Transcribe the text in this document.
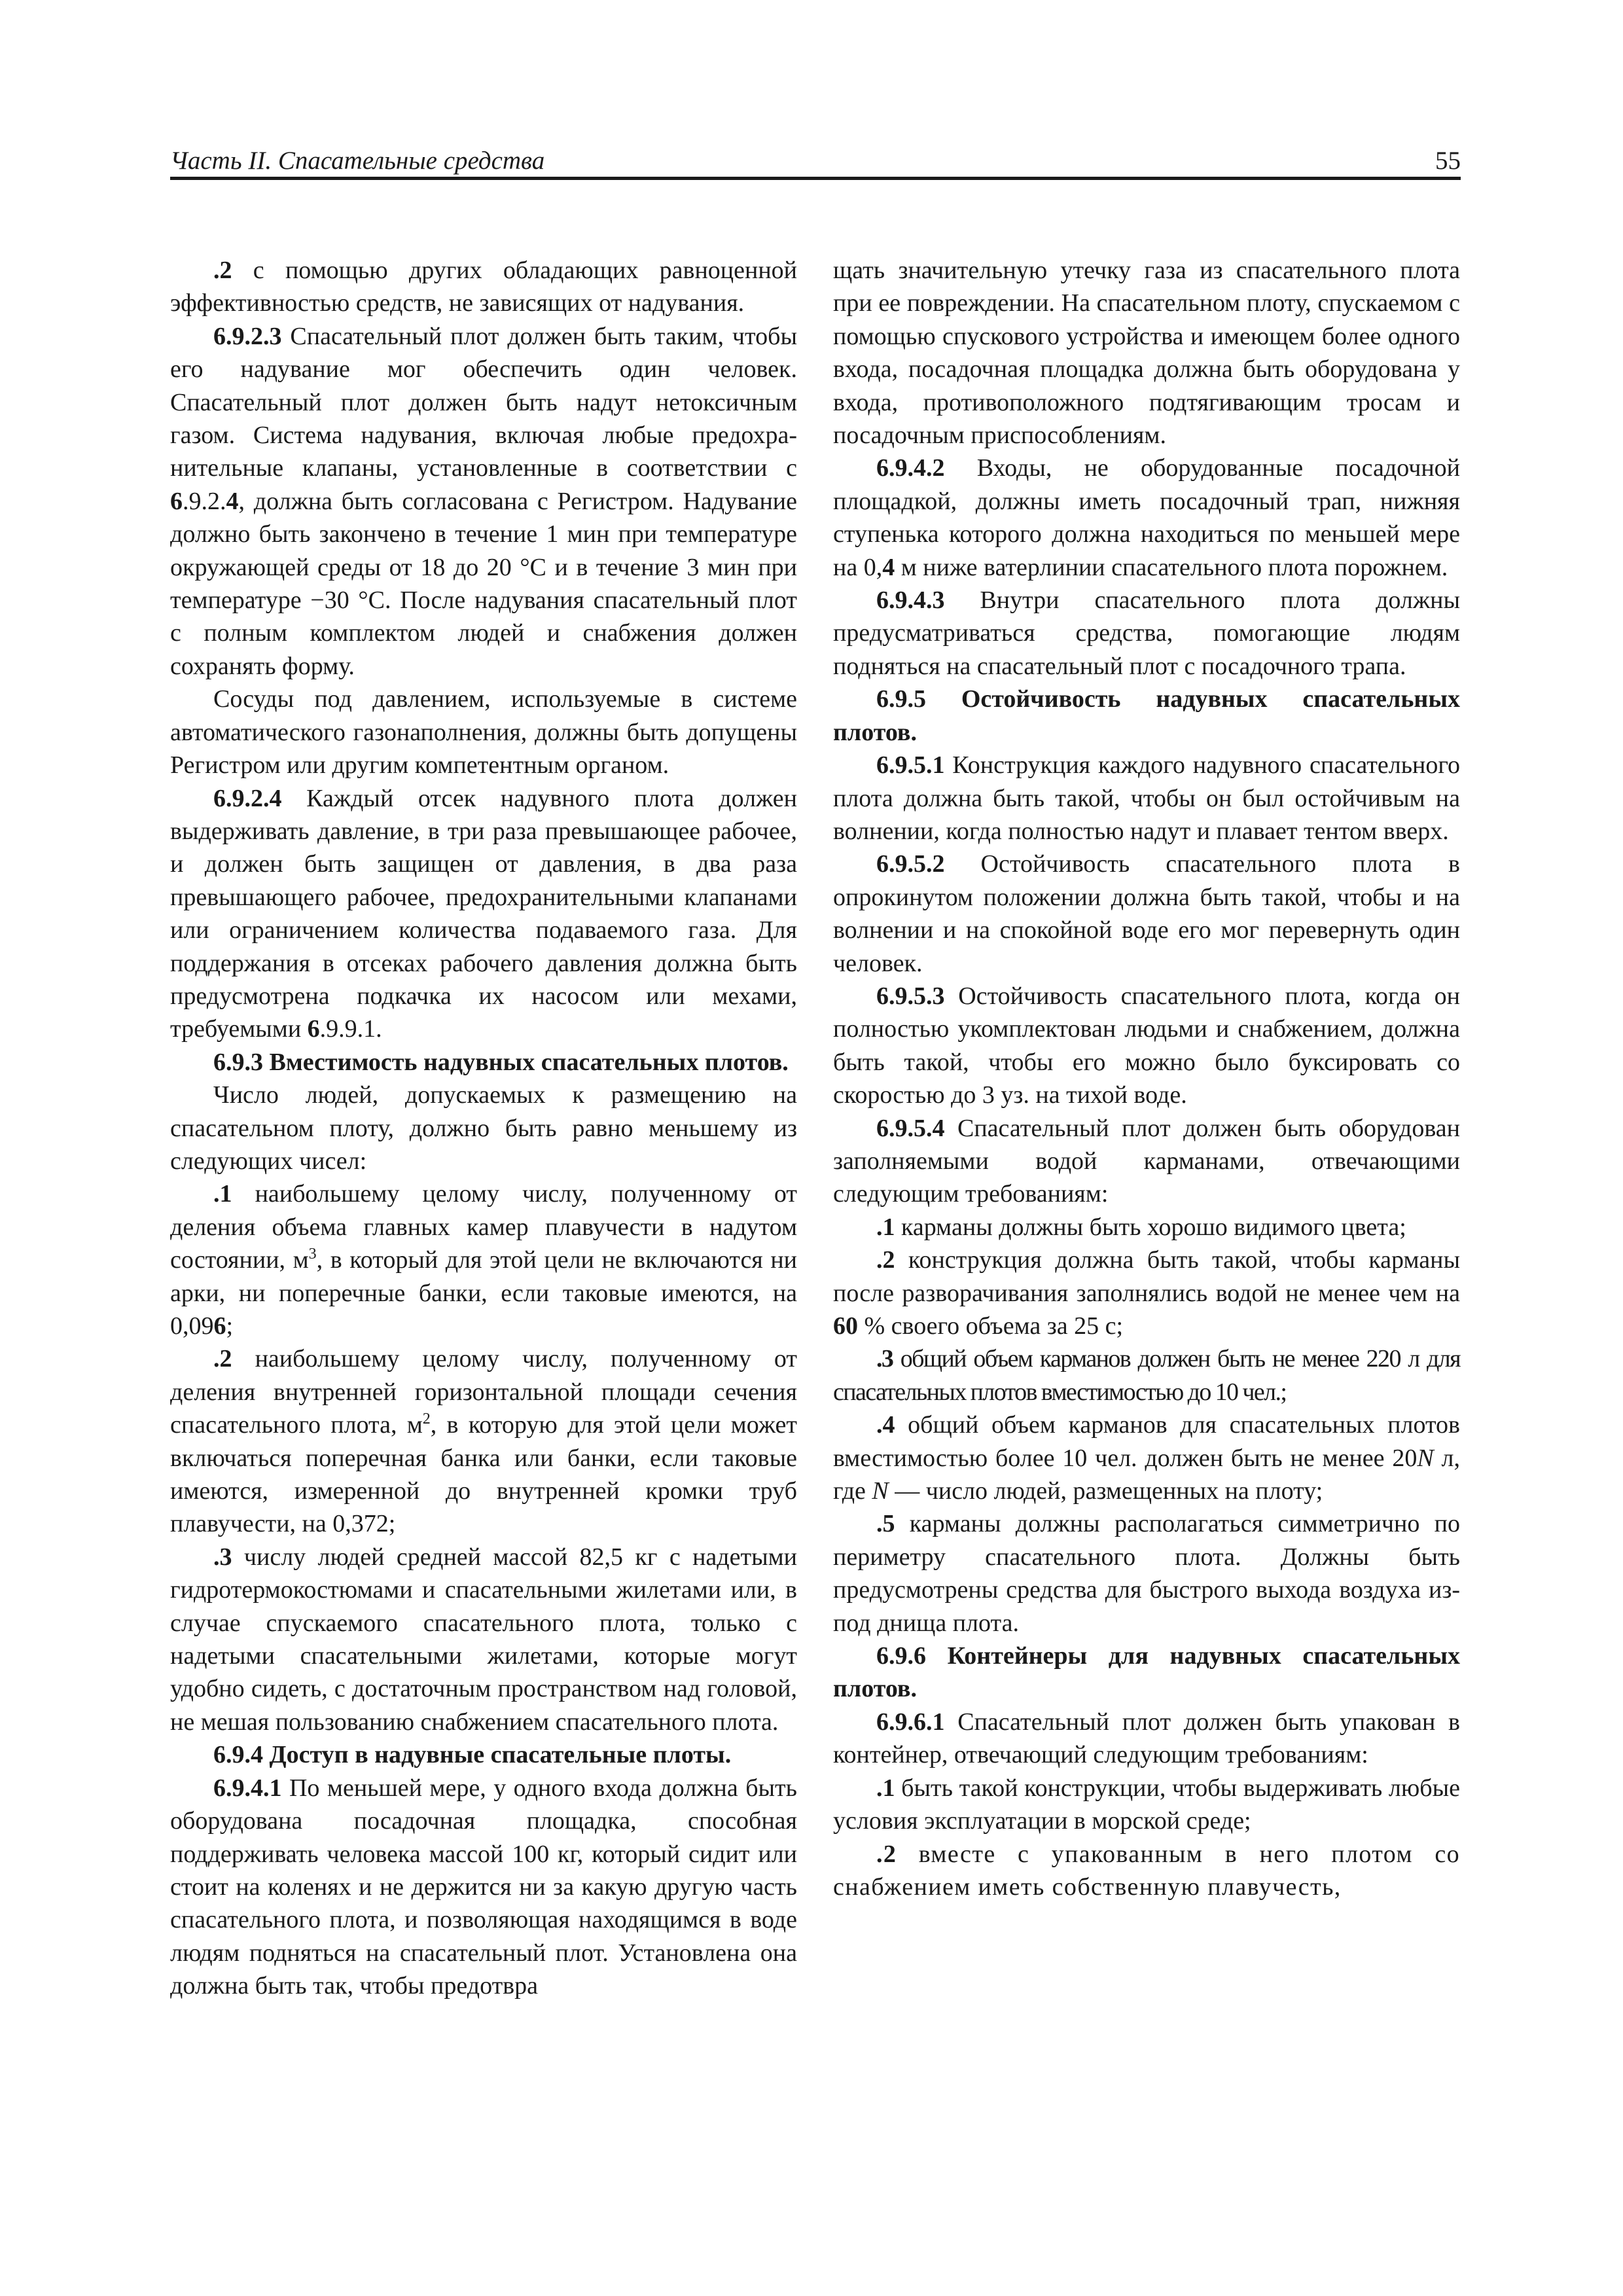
Часть II. Спасательные средства	55

.2 с помощью других обладающих равноценной эффективностью средств, не зависящих от надувания.

6.9.2.3 Спасательный плот должен быть таким, чтобы его надувание мог обеспечить один человек. Спасательный плот должен быть надут нетоксичным газом. Система надувания, включая любые предохранительные клапаны, установленные в соответствии с 6.9.2.4, должна быть согласована с Регистром. Надувание должно быть закончено в течение 1 мин при температуре окружающей среды от 18 до 20 °С и в течение 3 мин при температуре −30 °С. После надувания спасательный плот с полным комплектом людей и снабжения должен сохранять форму.

Сосуды под давлением, используемые в системе автоматического газонаполнения, должны быть допущены Регистром или другим компетентным органом.

6.9.2.4 Каждый отсек надувного плота должен выдерживать давление, в три раза превышающее рабочее, и должен быть защищен от давления, в два раза превышающего рабочее, предохранительными клапанами или ограничением количества подаваемого газа. Для поддержания в отсеках рабочего давления должна быть предусмотрена подкачка их насосом или мехами, требуемыми 6.9.9.1.

6.9.3 Вместимость надувных спасательных плотов.

Число людей, допускаемых к размещению на спасательном плоту, должно быть равно меньшему из следующих чисел:

.1 наибольшему целому числу, полученному от деления объема главных камер плавучести в надутом состоянии, $м^3$, в который для этой цели не включаются ни арки, ни поперечные банки, если таковые имеются, на 0,096;

.2 наибольшему целому числу, полученному от деления внутренней горизонтальной площади сечения спасательного плота, $м^2$, в которую для этой цели может включаться поперечная банка или банки, если таковые имеются, измеренной до внутренней кромки труб плавучести, на 0,372;

.3 числу людей средней массой 82,5 кг с надетыми гидротермокостюмами и спасательными жилетами или, в случае спускаемого спасательного плота, только с надетыми спасательными жилетами, которые могут удобно сидеть, с достаточным пространством над головой, не мешая пользованию снабжением спасательного плота.

6.9.4 Доступ в надувные спасательные плоты.

6.9.4.1 По меньшей мере, у одного входа должна быть оборудована посадочная площадка, способная поддерживать человека массой 100 кг, который сидит или стоит на коленях и не держится ни за какую другую часть спасательного плота, и позволяющая находящимся в воде людям подняться на спасательный плот. Установлена она должна быть так, чтобы предотвра

щать значительную утечку газа из спасательного плота при ее повреждении. На спасательном плоту, спускаемом с помощью спускового устройства и имеющем более одного входа, посадочная площадка должна быть оборудована у входа, противоположного подтягивающим тросам и посадочным приспособлениям.

6.9.4.2 Входы, не оборудованные посадочной площадкой, должны иметь посадочный трап, нижняя ступенька которого должна находиться по меньшей мере на 0,4 м ниже ватерлинии спасательного плота порожнем.

6.9.4.3 Внутри спасательного плота должны предусматриваться средства, помогающие людям подняться на спасательный плот с посадочного трапа.

6.9.5 Остойчивость надувных спасательных плотов.

6.9.5.1 Конструкция каждого надувного спасательного плота должна быть такой, чтобы он был остойчивым на волнении, когда полностью надут и плавает тентом вверх.

6.9.5.2 Остойчивость спасательного плота в опрокинутом положении должна быть такой, чтобы и на волнении и на спокойной воде его мог перевернуть один человек.

6.9.5.3 Остойчивость спасательного плота, когда он полностью укомплектован людьми и снабжением, должна быть такой, чтобы его можно было буксировать со скоростью до 3 уз. на тихой воде.

6.9.5.4 Спасательный плот должен быть оборудован заполняемыми водой карманами, отвечающими следующим требованиям:

.1 карманы должны быть хорошо видимого цвета;

.2 конструкция должна быть такой, чтобы карманы после разворачивания заполнялись водой не менее чем на 60 % своего объема за 25 с;

.3 общий объем карманов должен быть не менее 220 л для спасательных плотов вместимостью до 10 чел.;

.4 общий объем карманов для спасательных плотов вместимостью более 10 чел. должен быть не менее 20N л, где N — число людей, размещенных на плоту;

.5 карманы должны располагаться симметрично по периметру спасательного плота. Должны быть предусмотрены средства для быстрого выхода воздуха из-под днища плота.

6.9.6 Контейнеры для надувных спасательных плотов.

6.9.6.1 Спасательный плот должен быть упакован в контейнер, отвечающий следующим требованиям:

.1 быть такой конструкции, чтобы выдерживать любые условия эксплуатации в морской среде;

.2 вместе с упакованным в него плотом со снабжением иметь собственную плавучесть,
